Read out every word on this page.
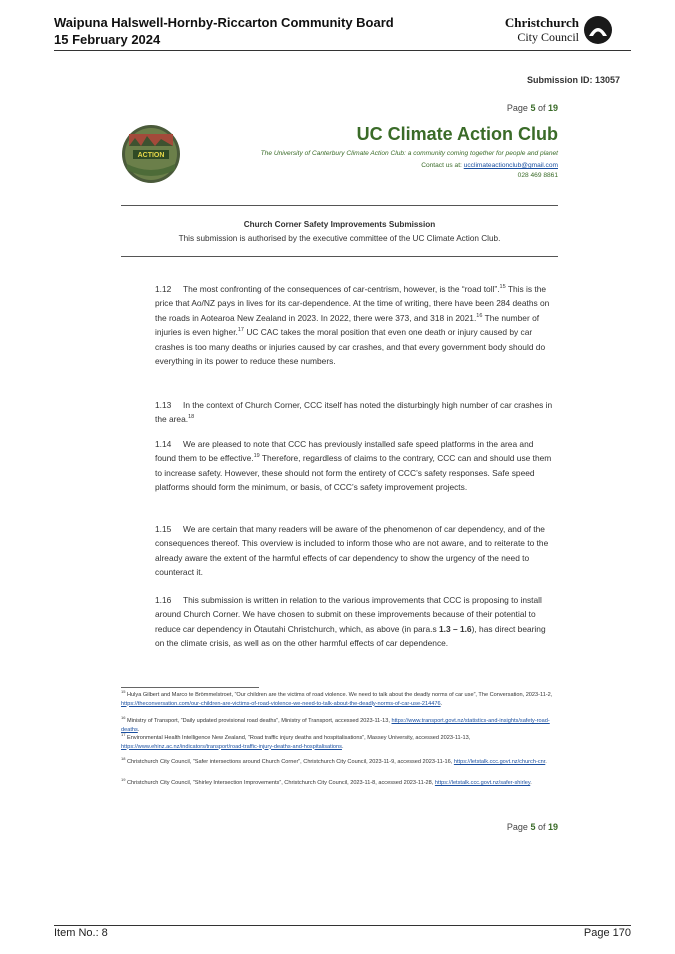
Waipuna Halswell-Hornby-Riccarton Community Board
15 February 2024
Christchurch
City Council
Submission ID: 13057
Page 5 of 19
ACTION
UC Climate Action Club
The University of Canterbury Climate Action Club: a community coming together for people and planet
Contact us at: ucclimateactionclub@gmail.com
028 469 8861
Church Corner Safety Improvements Submission
This submission is authorised by the executive committee of the UC Climate Action Club.
1.12 The most confronting of the consequences of car-centrism, however, is the “road toll”.$^{15}$ This is the price that Ao/NZ pays in lives for its car-dependence. At the time of writing, there have been 284 deaths on the roads in Aotearoa New Zealand in 2023. In 2022, there were 373, and 318 in 2021.16 The number of injuries is even higher.$^{17}$ UC CAC takes the moral position that even one death or injury caused by car crashes is too many deaths or injuries caused by car crashes, and that every government body should do everything in its power to reduce these numbers.
1.13 In the context of Church Corner, CCC itself has noted the disturbingly high number of car crashes in the area.$^{18}$
1.14 We are pleased to note that CCC has previously installed safe speed platforms in the area and found them to be effective.$^{19}$ Therefore, regardless of claims to the contrary, CCC can and should use them to increase safety. However, these should not form the entirety of CCC’s safety responses. Safe speed platforms should form the minimum, or basis, of CCC’s safety improvement projects.
1.15 We are certain that many readers will be aware of the phenomenon of car dependency, and of the consequences thereof. This overview is included to inform those who are not aware, and to reiterate to the already aware the extent of the harmful effects of car dependency to show the urgency of the need to counteract it.
1.16 This submission is written in relation to the various improvements that CCC is proposing to install around Church Corner. We have chosen to submit on these improvements because of their potential to reduce car dependency in Ōtautahi Christchurch, which, as above (in para.s 1.3 – 1.6), has direct bearing on the climate crisis, as well as on the other harmful effects of car dependence.
$^{15}$ Hulya Gilbert and Marco te Brömmelstroet, “Our children are the victims of road violence. We need to talk about the deadly norms of car use”, The Conversation, 2023-11-2, https://theconversation.com/our-children-are-victims-of-road-violence-we-need-to-talk-about-the-deadly-norms-of-car-use-214476.
$^{16}$ Ministry of Transport, “Daily updated provisional road deaths”, Ministry of Transport, accessed 2023-11-13, https://www.transport.govt.nz/statistics-and-insights/safety-road-deaths.
$^{17}$ Environmental Health Intelligence New Zealand, “Road traffic injury deaths and hospitalisations”, Massey University, accessed 2023-11-13, https://www.ehinz.ac.nz/indicators/transport/road-traffic-injury-deaths-and-hospitalisations.
$^{18}$ Christchurch City Council, “Safer intersections around Church Corner”, Christchurch City Council, 2023-11-9, accessed 2023-11-16, https://letstalk.ccc.govt.nz/church-cnr.
$^{19}$ Christchurch City Council, “Shirley Intersection Improvements”, Christchurch City Council, 2023-11-8, accessed 2023-11-28, https://letstalk.ccc.govt.nz/safer-shirley.
Page 5 of 19
Item No.: 8	Page 170
